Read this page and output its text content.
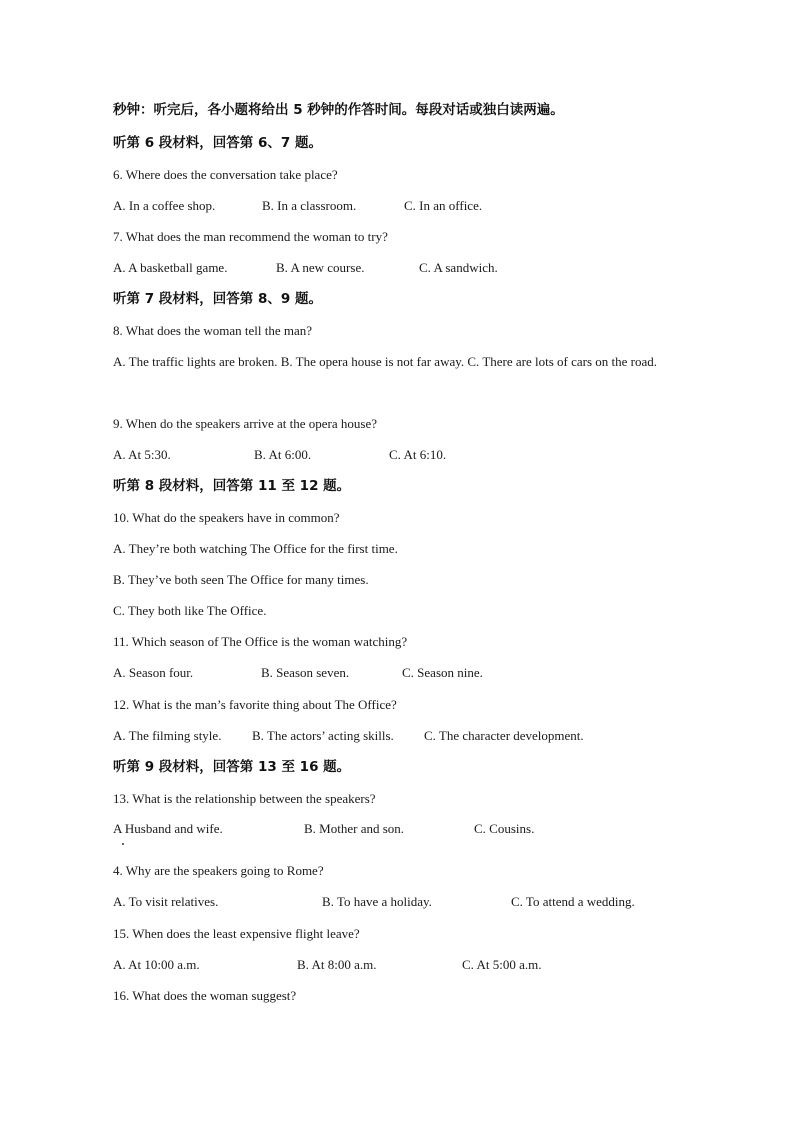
秒钟：听完后，各小题将给出 5 秒钟的作答时间。每段对话或独白读两遍。
听第 6 段材料，回答第 6、7 题。
6. Where does the conversation take place?
A. In a coffee shop.	B. In a classroom.	C. In an office.
7. What does the man recommend the woman to try?
A. A basketball game.	B. A new course.	C. A sandwich.
听第 7 段材料，回答第 8、9 题。
8. What does the woman tell the man?
A. The traffic lights are broken. B. The opera house is not far away. C. There are lots of cars on the road.
9. When do the speakers arrive at the opera house?
A. At 5:30.	B. At 6:00.	C. At 6:10.
听第 8 段材料，回答第 11 至 12 题。
10. What do the speakers have in common?
A. They’re both watching The Office for the first time.
B. They’ve both seen The Office for many times.
C. They both like The Office.
11. Which season of The Office is the woman watching?
A. Season four.	B. Season seven.	C. Season nine.
12. What is the man’s favorite thing about The Office?
A. The filming style. B. The actors’ acting skills. C. The character development.
听第 9 段材料，回答第 13 至 16 题。
13. What is the relationship between the speakers?
A Husband and wife.	B. Mother and son.	C. Cousins.
4. Why are the speakers going to Rome?
A. To visit relatives.	B. To have a holiday.	C. To attend a wedding.
15. When does the least expensive flight leave?
A. At 10:00 a.m.	B. At 8:00 a.m.	C. At 5:00 a.m.
16. What does the woman suggest?
